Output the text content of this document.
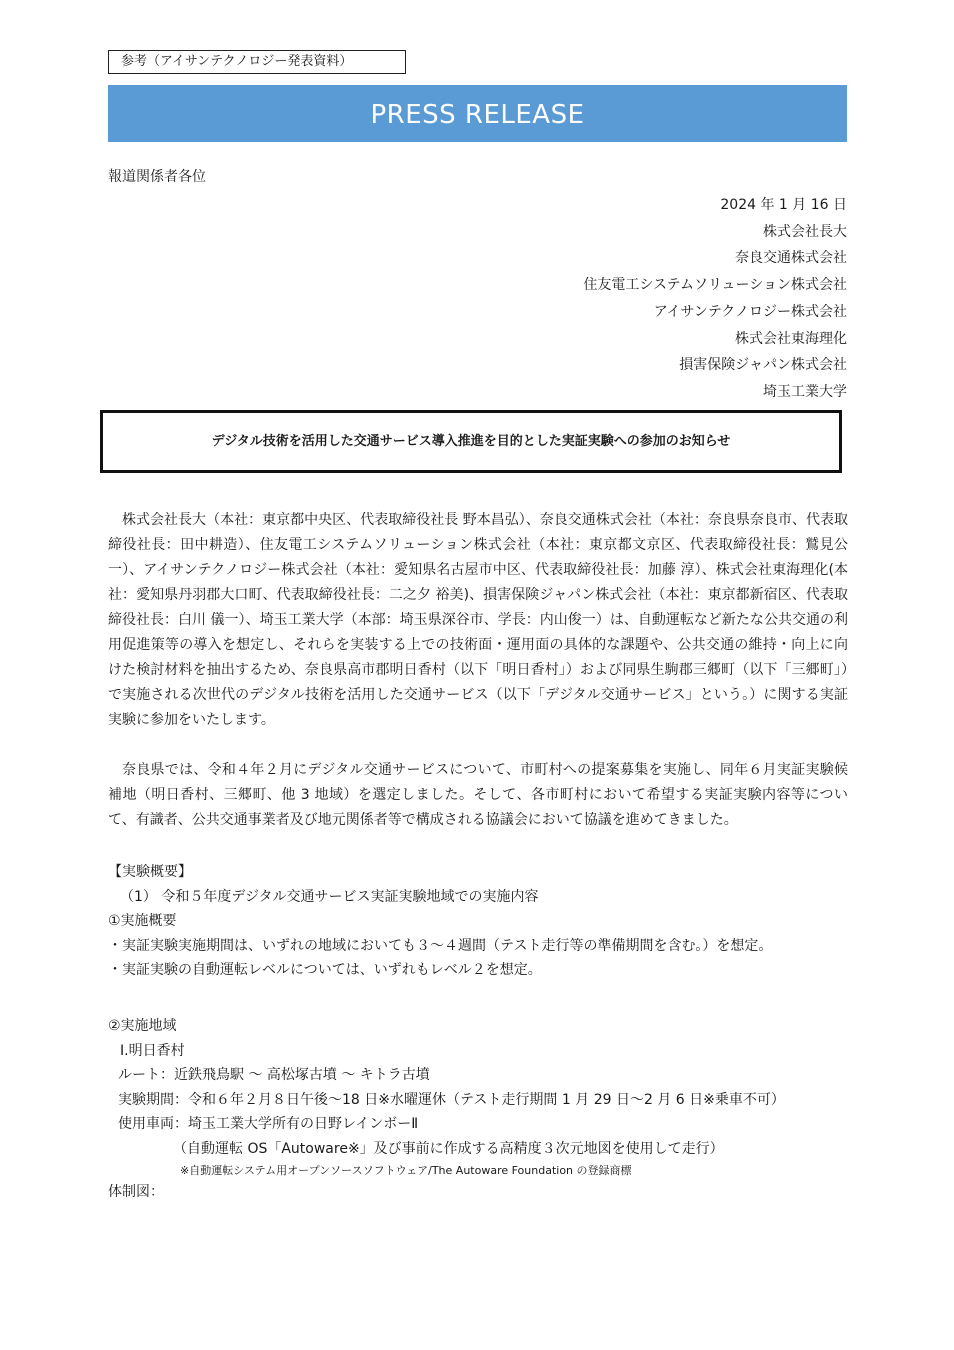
参考（アイサンテクノロジー発表資料）
PRESS RELEASE
報道関係者各位
2024 年 1 月 16 日
株式会社長大
奈良交通株式会社
住友電工システムソリューション株式会社
アイサンテクノロジー株式会社
株式会社東海理化
損害保険ジャパン株式会社
埼玉工業大学
デジタル技術を活用した交通サービス導入推進を目的とした実証実験への参加のお知らせ

株式会社長大（本社：東京都中央区、代表取締役社長 野本昌弘）、奈良交通株式会社（本社：奈良県奈良市、代表取締役社長：田中耕造）、住友電工システムソリューション株式会社（本社：東京都文京区、代表取締役社長：鷲見公一）、アイサンテクノロジー株式会社（本社：愛知県名古屋市中区、代表取締役社長：加藤 淳）、株式会社東海理化(本社：愛知県丹羽郡大口町、代表取締役社長：二之夕 裕美)、損害保険ジャパン株式会社（本社：東京都新宿区、代表取締役社長：白川 儀一）、埼玉工業大学（本部：埼玉県深谷市、学長：内山俊一）は、自動運転など新たな公共交通の利用促進策等の導入を想定し、それらを実装する上での技術面・運用面の具体的な課題や、公共交通の維持・向上に向けた検討材料を抽出するため、奈良県高市郡明日香村（以下「明日香村」）および同県生駒郡三郷町（以下「三郷町」）で実施される次世代のデジタル技術を活用した交通サービス（以下「デジタル交通サービス」という。）に関する実証実験に参加をいたします。

奈良県では、令和４年２月にデジタル交通サービスについて、市町村への提案募集を実施し、同年６月実証実験候補地（明日香村、三郷町、他 3 地域）を選定しました。そして、各市町村において希望する実証実験内容等について、有識者、公共交通事業者及び地元関係者等で構成される協議会において協議を進めてきました。

【実験概要】
（1） 令和５年度デジタル交通サービス実証実験地域での実施内容
①実施概要
・実証実験実施期間は、いずれの地域においても３～４週間（テスト走行等の準備期間を含む。）を想定。
・実証実験の自動運転レベルについては、いずれもレベル２を想定。
②実施地域
Ⅰ.明日香村
ルート：近鉄飛鳥駅 ～ 高松塚古墳 ～ キトラ古墳
実験期間：令和６年２月８日午後～18 日※水曜運休（テスト走行期間 1 月 29 日～2 月 6 日※乗車不可）
使用車両：埼玉工業大学所有の日野レインボーⅡ
（自動運転 OS「Autoware※」及び事前に作成する高精度３次元地図を使用して走行）
※自動運転システム用オープンソースソフトウェア/The Autoware Foundation の登録商標
体制図：
